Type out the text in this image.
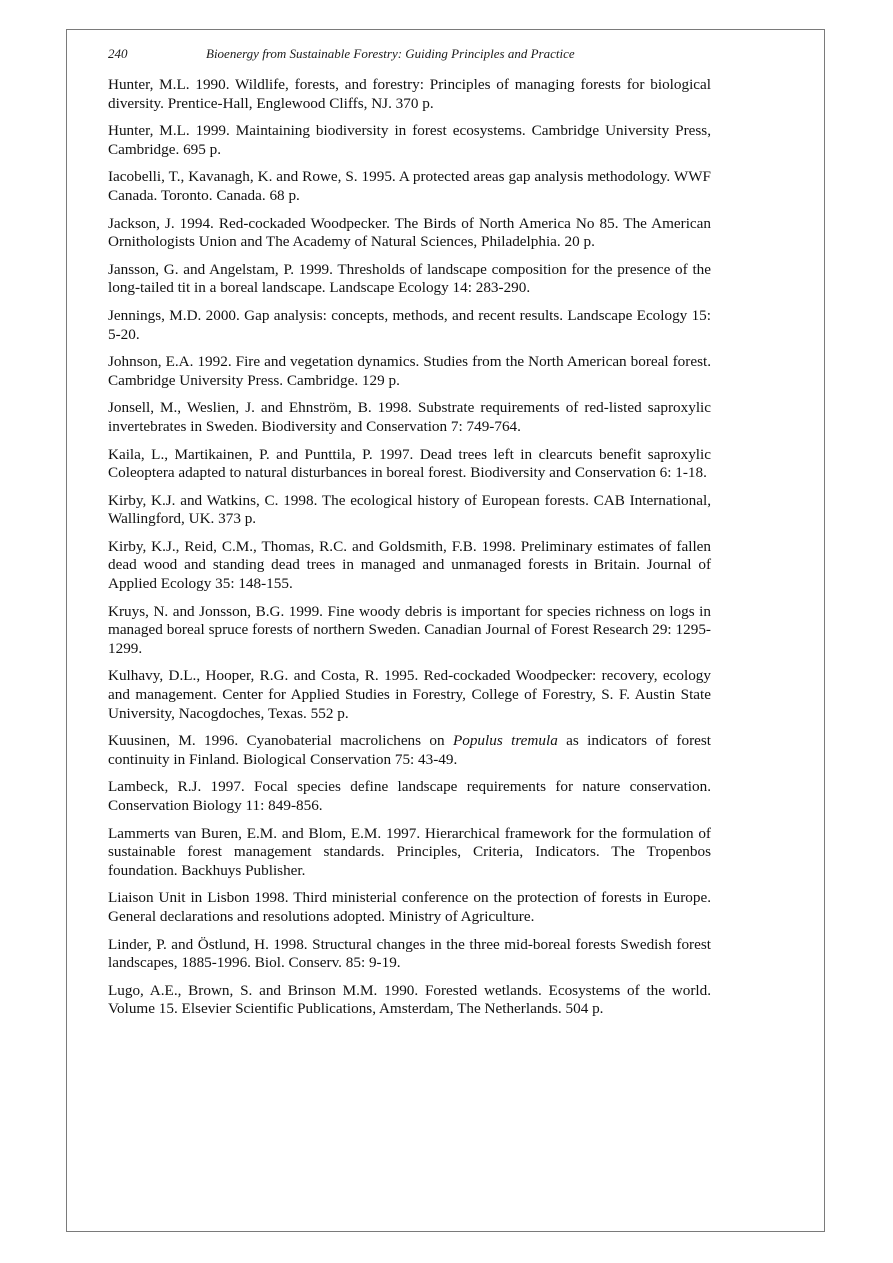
240	Bioenergy from Sustainable Forestry: Guiding Principles and Practice

Hunter, M.L. 1990. Wildlife, forests, and forestry: Principles of managing forests for biological diversity. Prentice-Hall, Englewood Cliffs, NJ. 370 p.

Hunter, M.L. 1999. Maintaining biodiversity in forest ecosystems. Cambridge University Press, Cambridge. 695 p.

Iacobelli, T., Kavanagh, K. and Rowe, S. 1995. A protected areas gap analysis methodology. WWF Canada. Toronto. Canada. 68 p.

Jackson, J. 1994. Red-cockaded Woodpecker. The Birds of North America No 85. The American Ornithologists Union and The Academy of Natural Sciences, Philadelphia. 20 p.

Jansson, G. and Angelstam, P. 1999. Thresholds of landscape composition for the presence of the long-tailed tit in a boreal landscape. Landscape Ecology 14: 283-290.

Jennings, M.D. 2000. Gap analysis: concepts, methods, and recent results. Landscape Ecology 15: 5-20.

Johnson, E.A. 1992. Fire and vegetation dynamics. Studies from the North American boreal forest. Cambridge University Press. Cambridge. 129 p.

Jonsell, M., Weslien, J. and Ehnström, B. 1998. Substrate requirements of red-listed saproxylic invertebrates in Sweden. Biodiversity and Conservation 7: 749-764.

Kaila, L., Martikainen, P. and Punttila, P. 1997. Dead trees left in clearcuts benefit saproxylic Coleoptera adapted to natural disturbances in boreal forest. Biodiversity and Conservation 6: 1-18.

Kirby, K.J. and Watkins, C. 1998. The ecological history of European forests. CAB International, Wallingford, UK. 373 p.

Kirby, K.J., Reid, C.M., Thomas, R.C. and Goldsmith, F.B. 1998. Preliminary estimates of fallen dead wood and standing dead trees in managed and unmanaged forests in Britain. Journal of Applied Ecology 35: 148-155.

Kruys, N. and Jonsson, B.G. 1999. Fine woody debris is important for species richness on logs in managed boreal spruce forests of northern Sweden. Canadian Journal of Forest Research 29: 1295-1299.

Kulhavy, D.L., Hooper, R.G. and Costa, R. 1995. Red-cockaded Woodpecker: recovery, ecology and management. Center for Applied Studies in Forestry, College of Forestry, S. F. Austin State University, Nacogdoches, Texas. 552 p.

Kuusinen, M. 1996. Cyanobaterial macrolichens on Populus tremula as indicators of forest continuity in Finland. Biological Conservation 75: 43-49.

Lambeck, R.J. 1997. Focal species define landscape requirements for nature conservation. Conservation Biology 11: 849-856.

Lammerts van Buren, E.M. and Blom, E.M. 1997. Hierarchical framework for the formulation of sustainable forest management standards. Principles, Criteria, Indicators. The Tropenbos foundation. Backhuys Publisher.

Liaison Unit in Lisbon 1998. Third ministerial conference on the protection of forests in Europe. General declarations and resolutions adopted. Ministry of Agriculture.

Linder, P. and Östlund, H. 1998. Structural changes in the three mid-boreal forests Swedish forest landscapes, 1885-1996. Biol. Conserv. 85: 9-19.

Lugo, A.E., Brown, S. and Brinson M.M. 1990. Forested wetlands. Ecosystems of the world. Volume 15. Elsevier Scientific Publications, Amsterdam, The Netherlands. 504 p.
